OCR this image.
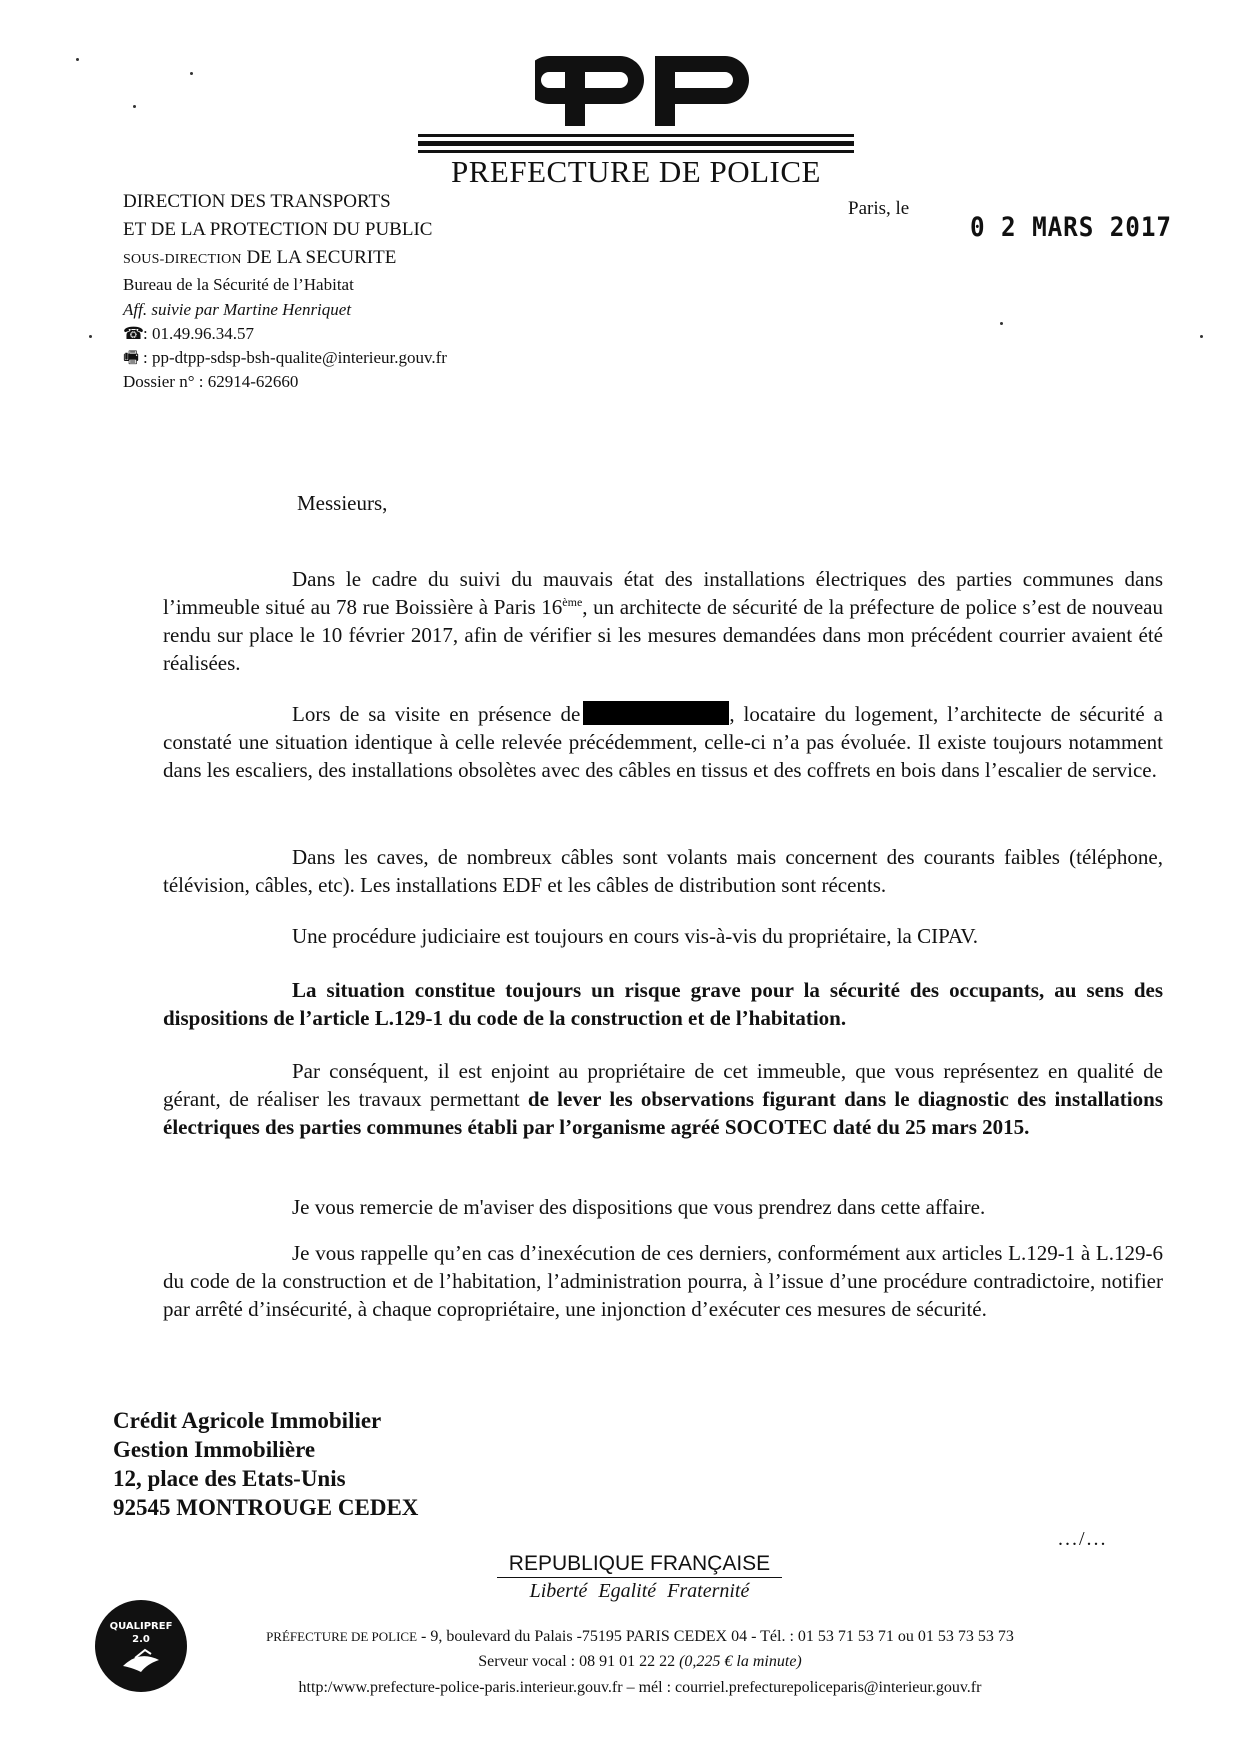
PREFECTURE DE POLICE
DIRECTION DES TRANSPORTS
ET DE LA PROTECTION DU PUBLIC
SOUS-DIRECTION DE LA SECURITE
Bureau de la Sécurité de l’Habitat
Aff. suivie par Martine Henriquet
☎: 01.49.96.34.57
🖷 : pp-dtpp-sdsp-bsh-qualite@interieur.gouv.fr
Dossier n° : 62914-62660
Paris, le
0 2 MARS 2017
Messieurs,
Dans le cadre du suivi du mauvais état des installations électriques des parties communes dans l’immeuble situé au 78 rue Boissière à Paris 16ème, un architecte de sécurité de la préfecture de police s’est de nouveau rendu sur place le 10 février 2017, afin de vérifier si les mesures demandées dans mon précédent courrier avaient été réalisées.
Lors de sa visite en présence de	, locataire du logement, l’architecte de sécurité a constaté une situation identique à celle relevée précédemment, celle-ci n’a pas évoluée. Il existe toujours notamment dans les escaliers, des installations obsolètes avec des câbles en tissus et des coffrets en bois dans l’escalier de service.
Dans les caves, de nombreux câbles sont volants mais concernent des courants faibles (téléphone, télévision, câbles, etc). Les installations EDF et les câbles de distribution sont récents.
Une procédure judiciaire est toujours en cours vis-à-vis du propriétaire, la CIPAV.
La situation constitue toujours un risque grave pour la sécurité des occupants, au sens des dispositions de l’article L.129-1 du code de la construction et de l’habitation.
Par conséquent, il est enjoint au propriétaire de cet immeuble, que vous représentez en qualité de gérant, de réaliser les travaux permettant de lever les observations figurant dans le diagnostic des installations électriques des parties communes établi par l’organisme agréé SOCOTEC daté du 25 mars 2015.
Je vous remercie de m'aviser des dispositions que vous prendrez dans cette affaire.
Je vous rappelle qu’en cas d’inexécution de ces derniers, conformément aux articles L.129-1 à L.129-6 du code de la construction et de l’habitation, l’administration pourra, à l’issue d’une procédure contradictoire, notifier par arrêté d’insécurité, à chaque copropriétaire, une injonction d’exécuter ces mesures de sécurité.
Crédit Agricole Immobilier
Gestion Immobilière
12, place des Etats-Unis
92545 MONTROUGE CEDEX
.../...
REPUBLIQUE FRANÇAISE
Liberté Egalité Fraternité
QUALIPREF
2.0	PRÉFECTURE DE POLICE - 9, boulevard du Palais -75195 PARIS CEDEX 04 - Tél. : 01 53 71 53 71 ou 01 53 73 53 73
Serveur vocal : 08 91 01 22 22 (0,225 € la minute)
http:/www.prefecture-police-paris.interieur.gouv.fr – mél : courriel.prefecturepoliceparis@interieur.gouv.fr
